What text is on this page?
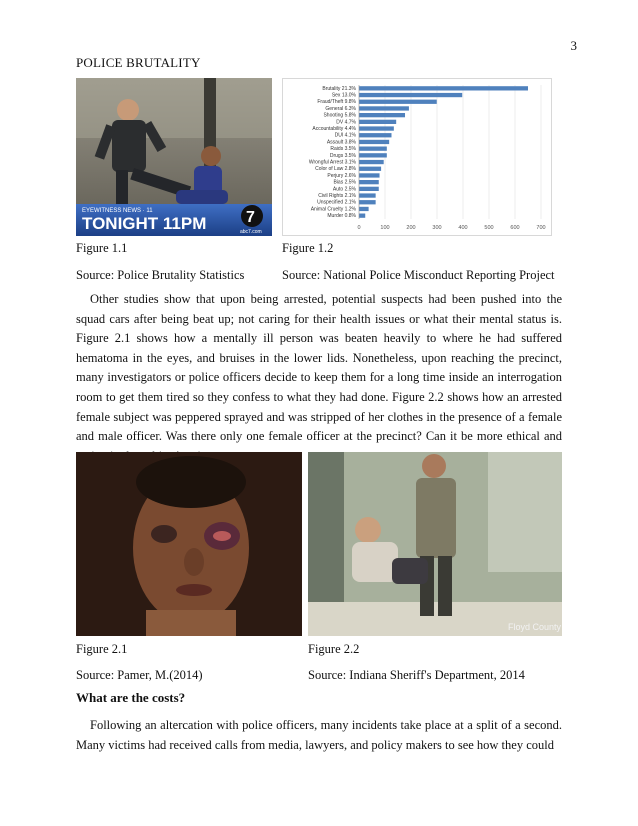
3
POLICE BRUTALITY
EYEWITNESS NEWS · 11
TONIGHT 11PM 7
abc7.com
0	100	200	300	400	500	600	700
Brutality 21.3%
Sex 13.0%
Fraud/Theft 9.8%
General 6.3%
Shooting 5.8%
DV 4.7%
Accountability 4.4%
DUI 4.1%
Assault 3.8%
Raids 3.5%
Drugs 3.5%
Wrongful Arrest 3.1%
Color of Law 2.8%
Perjury 2.6%
Bias 2.5%
Auto 2.5%
Civil Rights 2.1%
Unspecified 2.1%
Animal Cruelty 1.2%
Murder 0.8%
Figure 1.1	Figure 1.2
Source: Police Brutality Statistics	Source: National Police Misconduct Reporting Project

Other studies show that upon being arrested, potential suspects had been pushed into the squad cars after being beat up; not caring for their health issues or what their mental status is. Figure 2.1 shows how a mentally ill person was beaten heavily to where he had suffered hematoma in the eyes, and bruises in the lower lids. Nonetheless, upon reaching the precinct, many investigators or police officers decide to keep them for a long time inside an interrogation room to get them tired so they confess to what they had done. Figure 2.2 shows how an arrested female subject was peppered sprayed and was stripped of her clothes in the presence of a female and male officer. Was there only one female officer at the precinct? Can it be more ethical and

Floyd County
Figure 2.1	Figure 2.2
Source: Pamer, M.(2014)	Source: Indiana Sheriff's Department, 2014
What are the costs?

Following an altercation with police officers, many incidents take place at a split of a second. Many victims had received calls from media, lawyers, and policy makers to see how they could
